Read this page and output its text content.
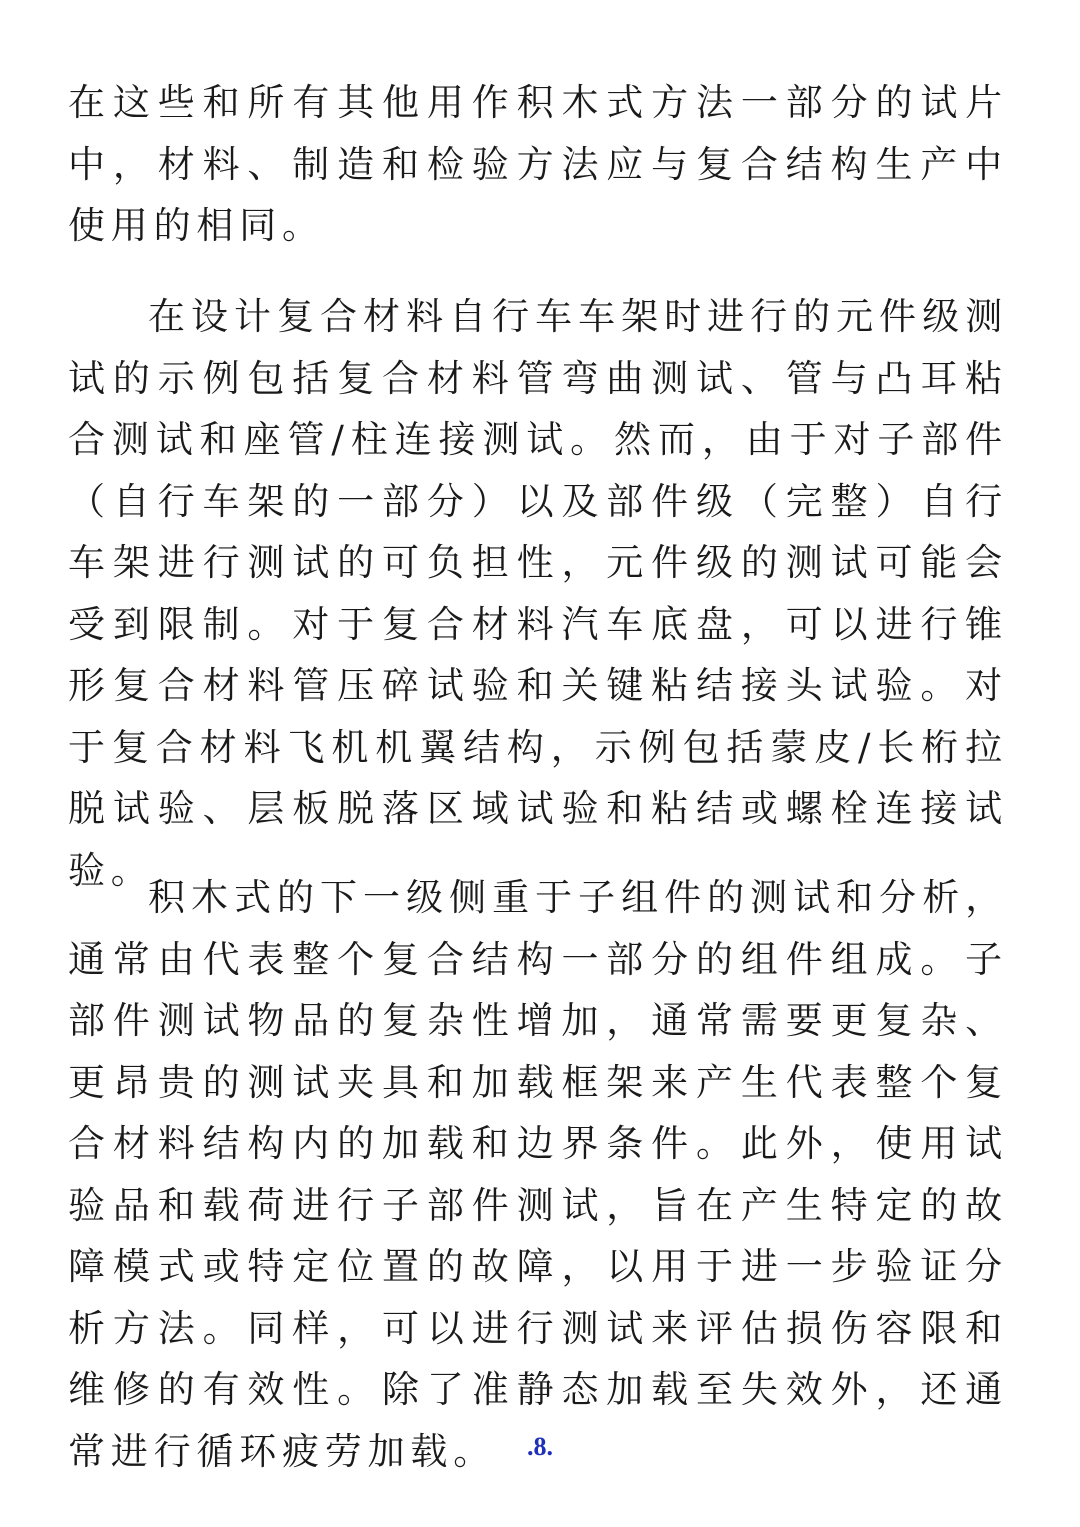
在这些和所有其他用作积木式方法一部分的试片中，材料、制造和检验方法应与复合结构生产中使用的相同。

在设计复合材料自行车车架时进行的元件级测试的示例包括复合材料管弯曲测试、管与凸耳粘合测试和座管/柱连接测试。然而，由于对子部件（自行车架的一部分）以及部件级（完整）自行车架进行测试的可负担性，元件级的测试可能会受到限制。对于复合材料汽车底盘，可以进行锥形复合材料管压碎试验和关键粘结接头试验。对于复合材料飞机机翼结构，示例包括蒙皮/长桁拉脱试验、层板脱落区域试验和粘结或螺栓连接试验。

积木式的下一级侧重于子组件的测试和分析，通常由代表整个复合结构一部分的组件组成。子部件测试物品的复杂性增加，通常需要更复杂、更昂贵的测试夹具和加载框架来产生代表整个复合材料结构内的加载和边界条件。此外，使用试验品和载荷进行子部件测试，旨在产生特定的故障模式或特定位置的故障，以用于进一步验证分析方法。同样，可以进行测试来评估损伤容限和维修的有效性。除了准静态加载至失效外，还通常进行循环疲劳加载。	.8.
